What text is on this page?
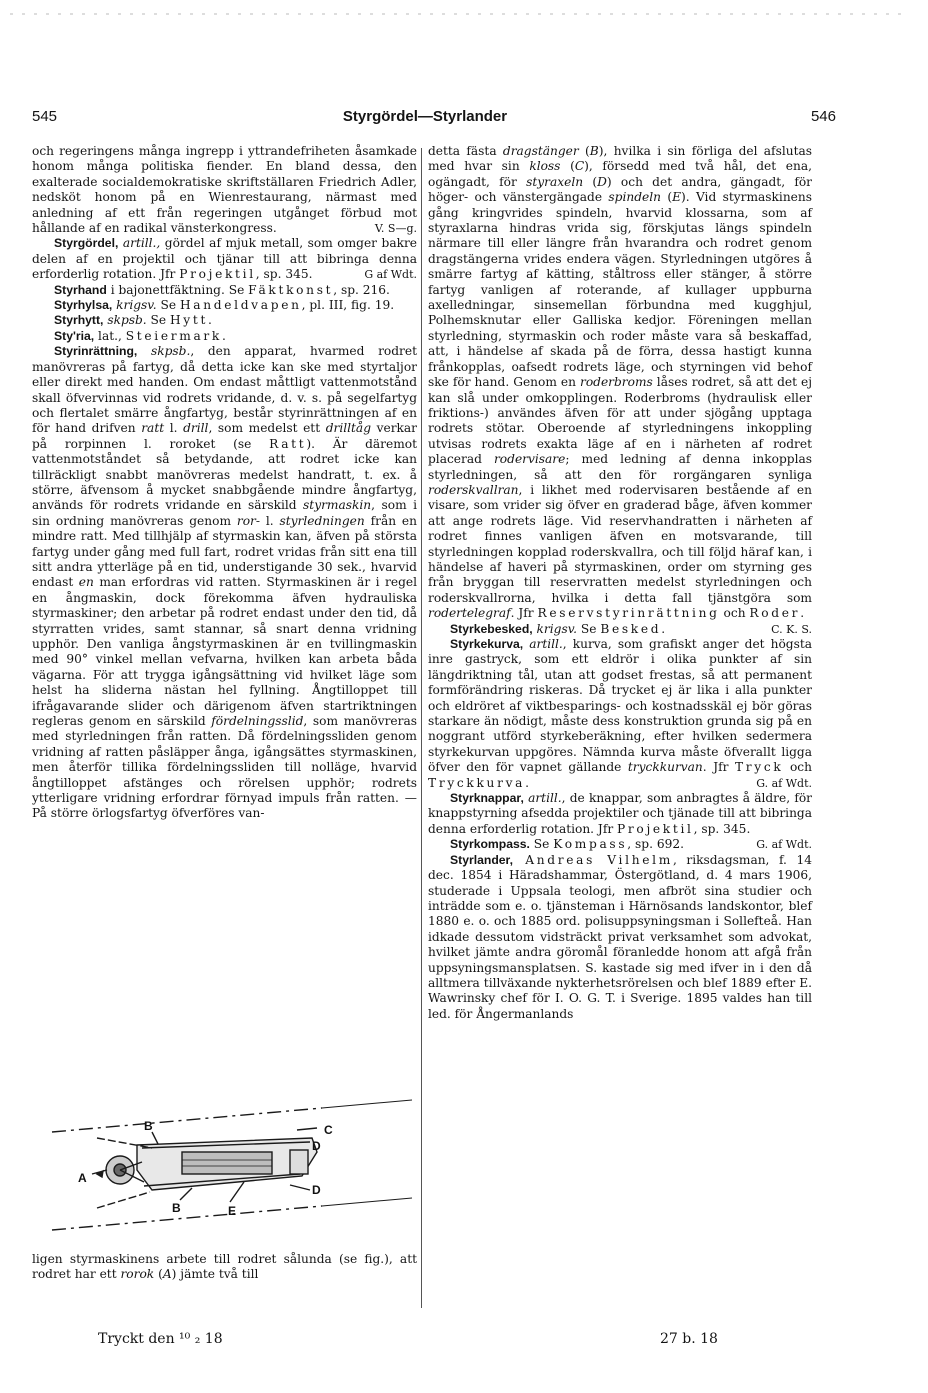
545	Styrgördel—Styrlander	546

och regeringens många ingrepp i yttrandefriheten åsamkade honom många politiska fiender. En bland dessa, den exalterade socialdemokratiske skriftställaren Friedrich Adler, nedsköt honom på en Wienrestaurang, närmast med anledning af ett från regeringen utgånget förbud mot hållande af en radikal vänsterkongress.	V. S—g.

Styrgördel, artill., gördel af mjuk metall, som omger bakre delen af en projektil och tjänar till att bibringa denna erforderlig rotation. Jfr Projektil, sp. 345.	G af Wdt.

Styrhand i bajonettfäktning. Se Fäktkonst, sp. 216.

Styrhylsa, krigsv. Se Handeldvapen, pl. III, fig. 19.

Styrhytt, skpsb. Se Hytt.

Sty'ria, lat., Steiermark.

Styrinrättning, skpsb., den apparat, hvarmed rodret manövreras på fartyg, då detta icke kan ske med styrtaljor eller direkt med handen. Om endast måttligt vattenmotstånd skall öfvervinnas vid rodrets vridande, d. v. s. på segelfartyg och flertalet smärre ångfartyg, består styrinrättningen af en för hand drifven ratt l. drill, som medelst ett drilltåg verkar på rorpinnen l. roroket (se Ratt). Är däremot vattenmotståndet så betydande, att rodret icke kan tillräckligt snabbt manövreras medelst handratt, t. ex. å större, äfvensom å mycket snabbgående mindre ångfartyg, används för rodrets vridande en särskild styrmaskin, som i sin ordning manövreras genom ror- l. styrledningen från en mindre ratt. Med tillhjälp af styrmaskin kan, äfven på största fartyg under gång med full fart, rodret vridas från sitt ena till sitt andra ytterläge på en tid, understigande 30 sek., hvarvid endast en man erfordras vid ratten. Styrmaskinen är i regel en ångmaskin, dock förekomma äfven hydrauliska styrmaskiner; den arbetar på rodret endast under den tid, då styrratten vrides, samt stannar, så snart denna vridning upphör. Den vanliga ångstyrmaskinen är en tvillingmaskin med 90° vinkel mellan vefvarna, hvilken kan arbeta båda vägarna. För att trygga igångsättning vid hvilket läge som helst ha sliderna nästan hel fyllning. Ångtilloppet till ifrågavarande slider och därigenom äfven startriktningen regleras genom en särskild fördelningsslid, som manövreras med styrledningen från ratten. Då fördelningssliden genom vridning af ratten påsläpper ånga, igångsättes styrmaskinen, men återför tillika fördelningssliden till nolläge, hvarvid ångtilloppet afstänges och rörelsen upphör; rodrets ytterligare vridning erfordrar förnyad impuls från ratten. — På större örlogsfartyg öfverföres van-

B	C
D
D
A
B	E

ligen styrmaskinens arbete till rodret sålunda (se fig.), att rodret har ett rorok (A) jämte två till

detta fästa dragstänger (B), hvilka i sin förliga del afslutas med hvar sin kloss (C), försedd med två hål, det ena, ogängadt, för styraxeln (D) och det andra, gängadt, för höger- och vänstergängade spindeln (E). Vid styrmaskinens gång kringvrides spindeln, hvarvid klossarna, som af styraxlarna hindras vrida sig, förskjutas längs spindeln närmare till eller längre från hvarandra och rodret genom dragstängerna vrides endera vägen. Styrledningen utgöres å smärre fartyg af kätting, ståltross eller stänger, å större fartyg vanligen af roterande, af kullager uppburna axelledningar, sinsemellan förbundna med kugghjul, Polhemsknutar eller Galliska kedjor. Föreningen mellan styrledning, styrmaskin och roder måste vara så beskaffad, att, i händelse af skada på de förra, dessa hastigt kunna frånkopplas, oafsedt rodrets läge, och styrningen vid behof ske för hand. Genom en roderbroms låses rodret, så att det ej kan slå under omkopplingen. Roderbroms (hydraulisk eller friktions-) användes äfven för att under sjögång upptaga rodrets stötar. Oberoende af styrledningens inkoppling utvisas rodrets exakta läge af en i närheten af rodret placerad rodervisare; med ledning af denna inkopplas styrledningen, så att den för rorgängaren synliga roderskvallran, i likhet med rodervisaren bestående af en visare, som vrider sig öfver en graderad båge, äfven kommer att ange rodrets läge. Vid reservhandratten i närheten af rodret finnes vanligen äfven en motsvarande, till styrledningen kopplad roderskvallra, och till följd häraf kan, i händelse af haveri på styrmaskinen, order om styrning ges från bryggan till reservratten medelst styrledningen och roderskvallrorna, hvilka i detta fall tjänstgöra som rodertelegraf. Jfr Reservstyrinrättning och Roder.
C. K. S.

Styrkebesked, krigsv. Se Besked.

Styrkekurva, artill., kurva, som grafiskt anger det högsta inre gastryck, som ett eldrör i olika punkter af sin längdriktning tål, utan att godset frestas, så att permanent formförändring riskeras. Då trycket ej är lika i alla punkter och eldröret af viktbesparings- och kostnadsskäl ej bör göras starkare än nödigt, måste dess konstruktion grunda sig på en noggrant utförd styrkeberäkning, efter hvilken sedermera styrkekurvan uppgöres. Nämnda kurva måste öfverallt ligga öfver den för vapnet gällande tryckkurvan. Jfr Tryck och Tryckkurva.	G. af Wdt.

Styrknappar, artill., de knappar, som anbragtes å äldre, för knappstyrning afsedda projektiler och tjänade till att bibringa denna erforderlig rotation. Jfr Projektil, sp. 345.
G. af Wdt.

Styrkompass. Se Kompass, sp. 692.

Styrlander, Andreas Vilhelm, riksdagsman, f. 14 dec. 1854 i Häradshammar, Östergötland, d. 4 mars 1906, studerade i Uppsala teologi, men afbröt sina studier och inträdde som e. o. tjänsteman i Härnösands landskontor, blef 1880 e. o. och 1885 ord. polisuppsyningsman i Sollefteå. Han idkade dessutom vidsträckt privat verksamhet som advokat, hvilket jämte andra göromål föranledde honom att afgå från uppsyningsmansplatsen. S. kastade sig med ifver in i den då alltmera tillväxande nykterhetsrörelsen och blef 1889 efter E. Wawrinsky chef för I. O. G. T. i Sverige. 1895 valdes han till led. för Ångermanlands

Tryckt den ¹⁰ ₂ 18	27 b. 18
